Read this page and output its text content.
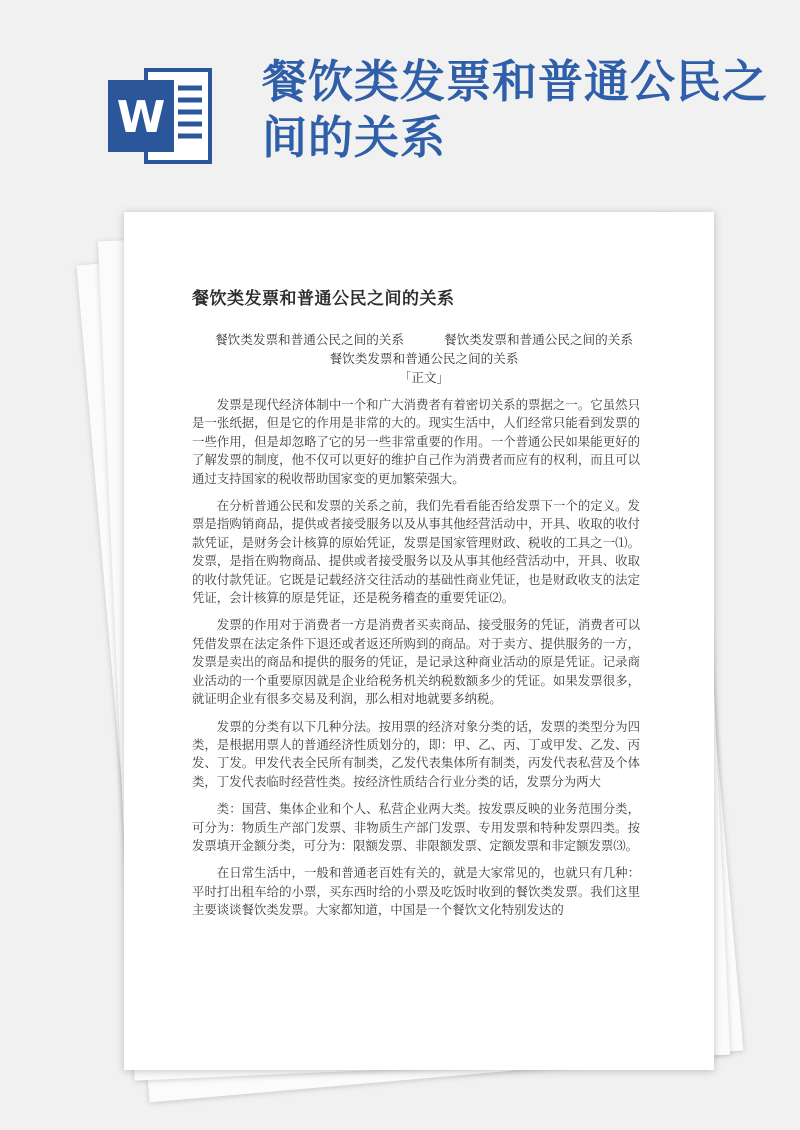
W
餐饮类发票和普通公民之间的关系
餐饮类发票和普通公民之间的关系
餐饮类发票和普通公民之间的关系	餐饮类发票和普通公民之间的关系
餐饮类发票和普通公民之间的关系
「正文」

发票是现代经济体制中一个和广大消费者有着密切关系的票据之一。它虽然只是一张纸据，但是它的作用是非常的大的。现实生活中，人们经常只能看到发票的一些作用，但是却忽略了它的另一些非常重要的作用。一个普通公民如果能更好的了解发票的制度，他不仅可以更好的维护自己作为消费者而应有的权利，而且可以通过支持国家的税收帮助国家变的更加繁荣强大。

在分析普通公民和发票的关系之前，我们先看看能否给发票下一个的定义。发票是指购销商品，提供或者接受服务以及从事其他经营活动中，开具、收取的收付款凭证，是财务会计核算的原始凭证，发票是国家管理财政、税收的工具之一⑴。发票，是指在购物商品、提供或者接受服务以及从事其他经营活动中，开具、收取的收付款凭证。它既是记载经济交往活动的基础性商业凭证，也是财政收支的法定凭证，会计核算的原是凭证，还是税务稽查的重要凭证⑵。

发票的作用对于消费者一方是消费者买卖商品、接受服务的凭证，消费者可以凭借发票在法定条件下退还或者返还所购到的商品。对于卖方、提供服务的一方，发票是卖出的商品和提供的服务的凭证，是记录这种商业活动的原是凭证。记录商业活动的一个重要原因就是企业给税务机关纳税数额多少的凭证。如果发票很多，就证明企业有很多交易及利润，那么相对地就要多纳税。

发票的分类有以下几种分法。按用票的经济对象分类的话，发票的类型分为四类，是根据用票人的普通经济性质划分的，即：甲、乙、丙、丁或甲发、乙发、丙发、丁发。甲发代表全民所有制类，乙发代表集体所有制类，丙发代表私营及个体类，丁发代表临时经营性类。按经济性质结合行业分类的话，发票分为两大

类：国营、集体企业和个人、私营企业两大类。按发票反映的业务范围分类，可分为：物质生产部门发票、非物质生产部门发票、专用发票和特种发票四类。按发票填开金额分类，可分为：限额发票、非限额发票、定额发票和非定额发票⑶。

在日常生活中，一般和普通老百姓有关的，就是大家常见的，也就只有几种：平时打出租车给的小票，买东西时给的小票及吃饭时收到的餐饮类发票。我们这里主要谈谈餐饮类发票。大家都知道，中国是一个餐饮文化特别发达的
